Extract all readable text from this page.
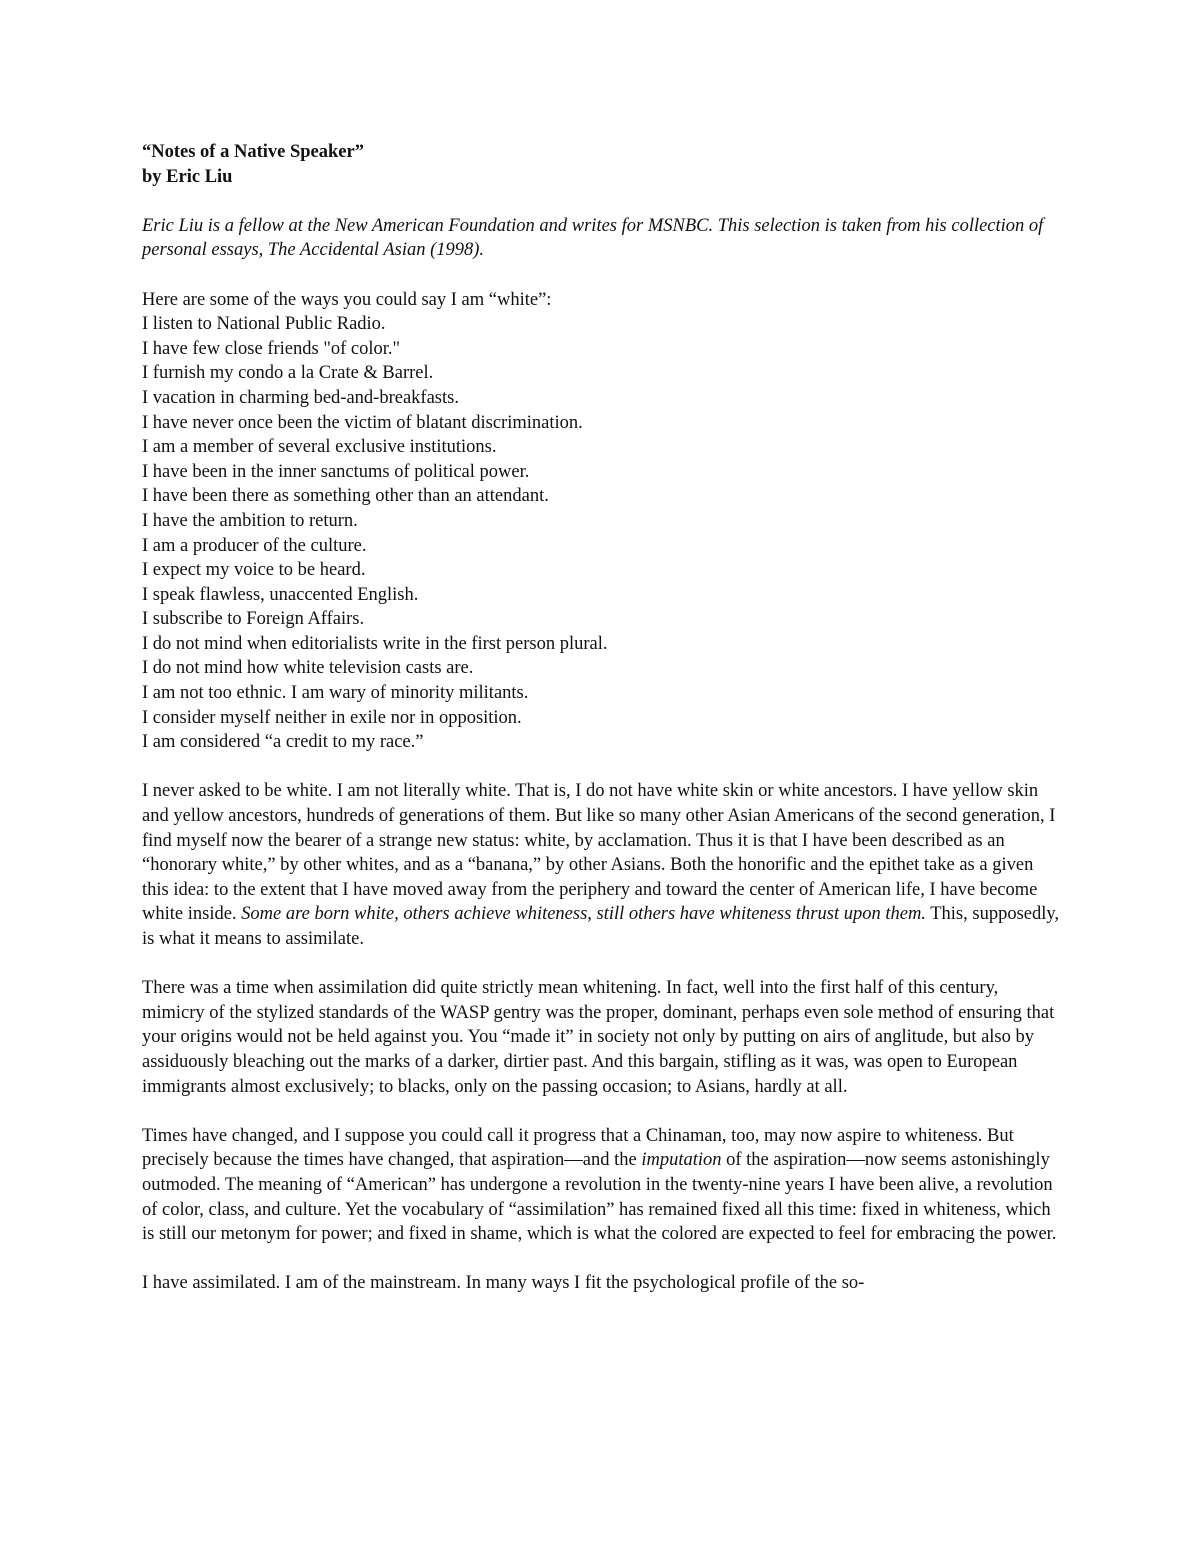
“Notes of a Native Speaker”

by Eric Liu

Eric Liu is a fellow at the New American Foundation and writes for MSNBC. This selection is taken from his collection of personal essays, The Accidental Asian (1998).

Here are some of the ways you could say I am “white”:

I listen to National Public Radio.
I have few close friends "of color."
I furnish my condo a la Crate & Barrel.
I vacation in charming bed-and-breakfasts.
I have never once been the victim of blatant discrimination.
I am a member of several exclusive institutions.
I have been in the inner sanctums of political power.
I have been there as something other than an attendant.
I have the ambition to return.
I am a producer of the culture.
I expect my voice to be heard.
I speak flawless, unaccented English.
I subscribe to Foreign Affairs.
I do not mind when editorialists write in the first person plural.
I do not mind how white television casts are.
I am not too ethnic. I am wary of minority militants.
I consider myself neither in exile nor in opposition.
I am considered “a credit to my race.”

I never asked to be white. I am not literally white. That is, I do not have white skin or white ancestors. I have yellow skin and yellow ancestors, hundreds of generations of them. But like so many other Asian Americans of the second generation, I find myself now the bearer of a strange new status: white, by acclamation. Thus it is that I have been described as an “honorary white,” by other whites, and as a “banana,” by other Asians. Both the honorific and the epithet take as a given this idea: to the extent that I have moved away from the periphery and toward the center of American life, I have become white inside. Some are born white, others achieve whiteness, still others have whiteness thrust upon them. This, supposedly, is what it means to assimilate.

There was a time when assimilation did quite strictly mean whitening. In fact, well into the first half of this century, mimicry of the stylized standards of the WASP gentry was the proper, dominant, perhaps even sole method of ensuring that your origins would not be held against you. You “made it” in society not only by putting on airs of anglitude, but also by assiduously bleaching out the marks of a darker, dirtier past. And this bargain, stifling as it was, was open to European immigrants almost exclusively; to blacks, only on the passing occasion; to Asians, hardly at all.

Times have changed, and I suppose you could call it progress that a Chinaman, too, may now aspire to whiteness. But precisely because the times have changed, that aspiration—and the imputation of the aspiration—now seems astonishingly outmoded. The meaning of “American” has undergone a revolution in the twenty-nine years I have been alive, a revolution of color, class, and culture. Yet the vocabulary of “assimilation” has remained fixed all this time: fixed in whiteness, which is still our metonym for power; and fixed in shame, which is what the colored are expected to feel for embracing the power.

I have assimilated. I am of the mainstream. In many ways I fit the psychological profile of the so-
